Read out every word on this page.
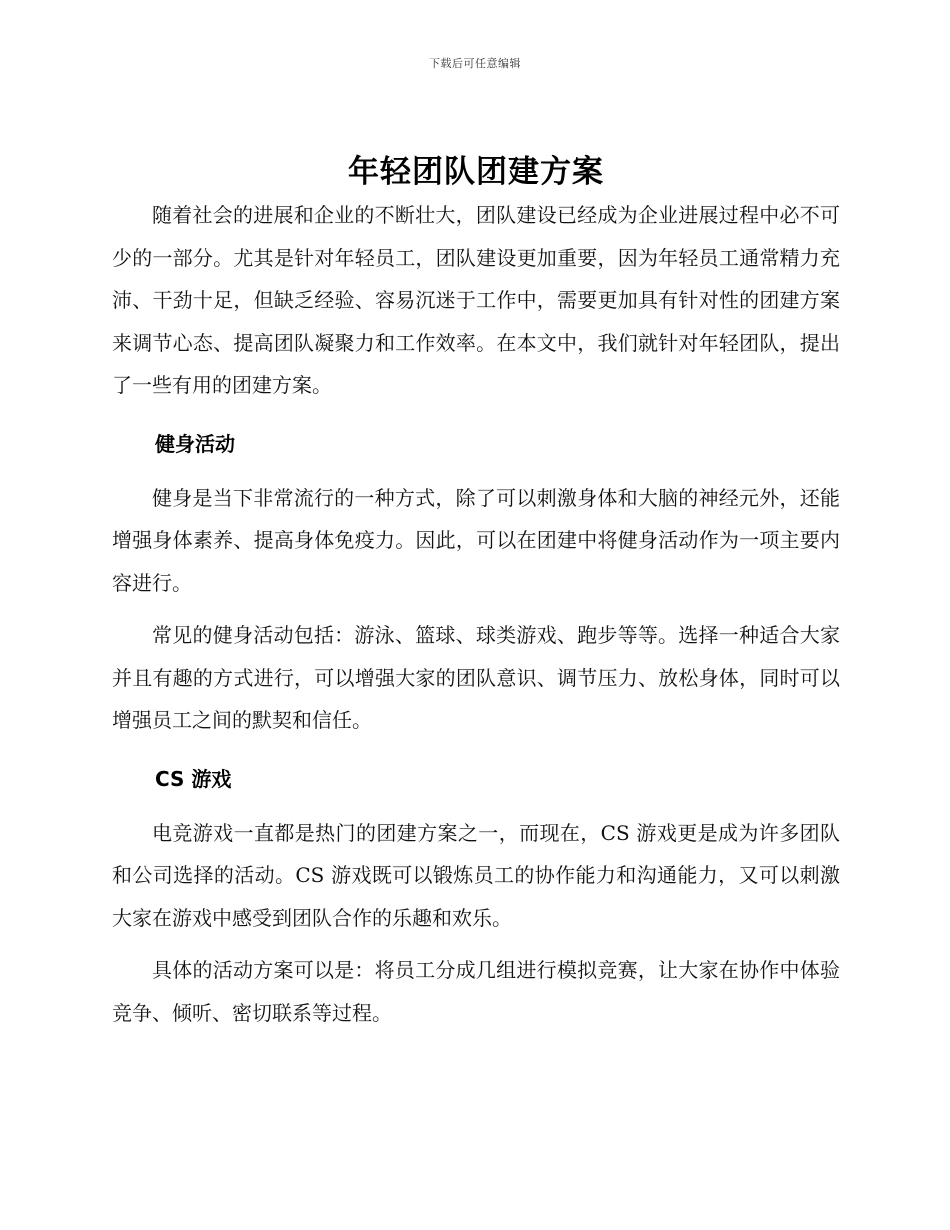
下载后可任意编辑
年轻团队团建方案

随着社会的进展和企业的不断壮大，团队建设已经成为企业进展过程中必不可少的一部分。尤其是针对年轻员工，团队建设更加重要，因为年轻员工通常精力充沛、干劲十足，但缺乏经验、容易沉迷于工作中，需要更加具有针对性的团建方案来调节心态、提高团队凝聚力和工作效率。在本文中，我们就针对年轻团队，提出了一些有用的团建方案。

健身活动

健身是当下非常流行的一种方式，除了可以刺激身体和大脑的神经元外，还能增强身体素养、提高身体免疫力。因此，可以在团建中将健身活动作为一项主要内容进行。

常见的健身活动包括：游泳、篮球、球类游戏、跑步等等。选择一种适合大家并且有趣的方式进行，可以增强大家的团队意识、调节压力、放松身体，同时可以增强员工之间的默契和信任。

CS 游戏

电竞游戏一直都是热门的团建方案之一，而现在，CS 游戏更是成为许多团队和公司选择的活动。CS 游戏既可以锻炼员工的协作能力和沟通能力，又可以刺激大家在游戏中感受到团队合作的乐趣和欢乐。

具体的活动方案可以是：将员工分成几组进行模拟竞赛，让大家在协作中体验竞争、倾听、密切联系等过程。
